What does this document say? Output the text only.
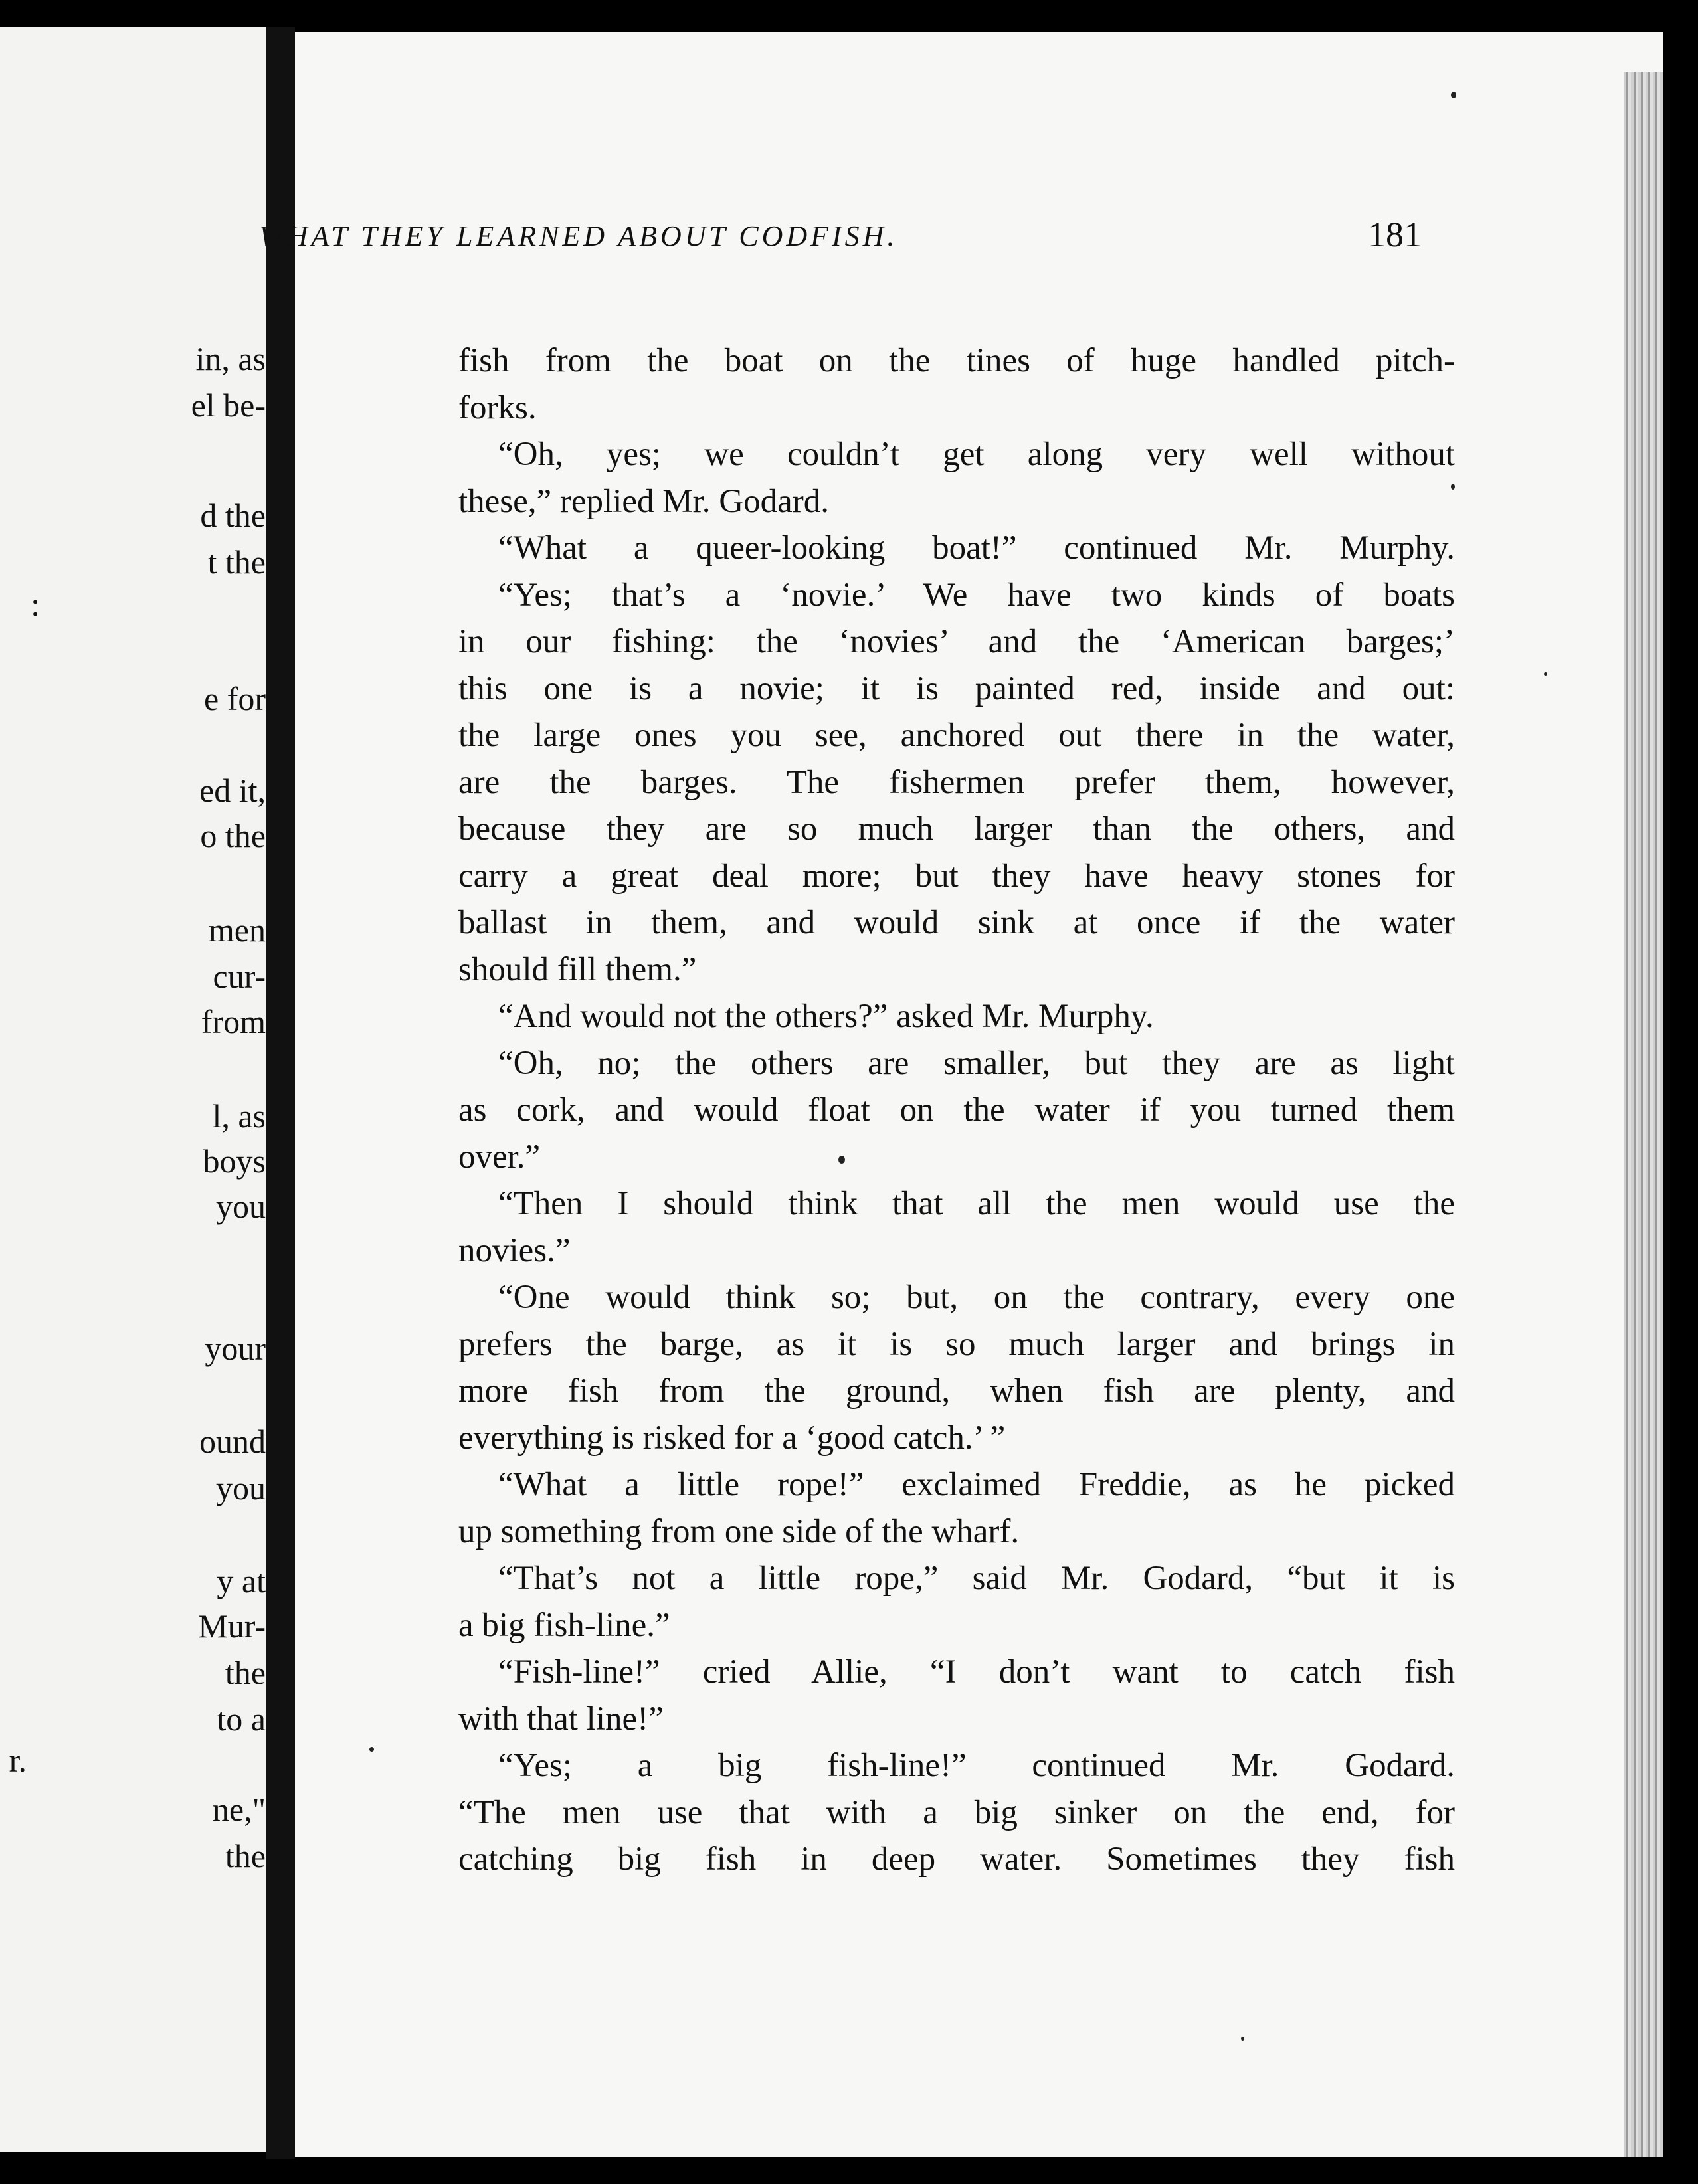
in, as
el be-
d the
t the
:
e for
ed it,
o the
men
cur-
from
l, as
boys
you
your
ound
you
y at
Mur-
the
to a
r.
ne,"
the
WHAT THEY LEARNED ABOUT CODFISH.	181
fish from the boat on the tines of huge handled pitch-
forks.
“Oh, yes; we couldn’t get along very well without
these,” replied Mr. Godard.
“What a queer-looking boat!” continued Mr. Murphy.
“Yes; that’s a ‘novie.’ We have two kinds of boats
in our fishing: the ‘novies’ and the ‘American barges;’
this one is a novie; it is painted red, inside and out:
the large ones you see, anchored out there in the water,
are the barges. The fishermen prefer them, however,
because they are so much larger than the others, and
carry a great deal more; but they have heavy stones for
ballast in them, and would sink at once if the water
should fill them.”
“And would not the others?” asked Mr. Murphy.
“Oh, no; the others are smaller, but they are as light
as cork, and would float on the water if you turned them
over.”
“Then I should think that all the men would use the
novies.”
“One would think so; but, on the contrary, every one
prefers the barge, as it is so much larger and brings in
more fish from the ground, when fish are plenty, and
everything is risked for a ‘good catch.’ ”
“What a little rope!” exclaimed Freddie, as he picked
up something from one side of the wharf.
“That’s not a little rope,” said Mr. Godard, “but it is
a big fish-line.”
“Fish-line!” cried Allie, “I don’t want to catch fish
with that line!”
“Yes; a big fish-line!” continued Mr. Godard.
“The men use that with a big sinker on the end, for
catching big fish in deep water. Sometimes they fish
